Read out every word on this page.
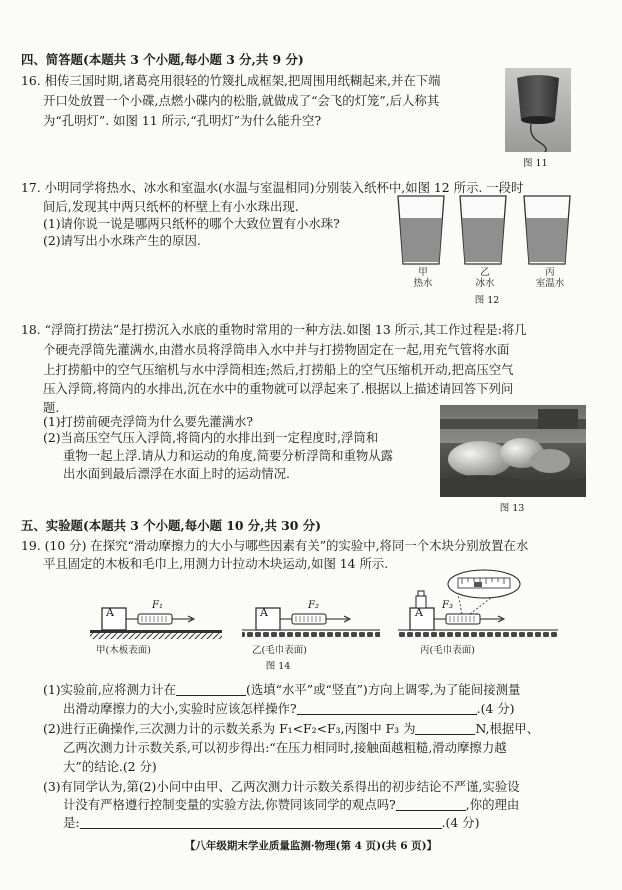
四、简答题(本题共 3 个小题,每小题 3 分,共 9 分)
16. 相传三国时期,诸葛亮用很轻的竹篾扎成框架,把周围用纸糊起来,并在下端
开口处放置一个小碟,点燃小碟内的松脂,就做成了“会飞的灯笼”,后人称其
为“孔明灯”. 如图 11 所示,“孔明灯”为什么能升空?
图 11
17. 小明同学将热水、冰水和室温水(水温与室温相同)分别装入纸杯中,如图 12 所示. 一段时
间后,发现其中两只纸杯的杯壁上有小水珠出现.
(1)请你说一说是哪两只纸杯的哪个大致位置有小水珠?
(2)请写出小水珠产生的原因.
甲
热水
乙
冰水
丙
室温水
图 12
18. “浮筒打捞法”是打捞沉入水底的重物时常用的一种方法.如图 13 所示,其工作过程是:将几
个硬壳浮筒先灌满水,由潜水员将浮筒串入水中并与打捞物固定在一起,用充气管将水面
上打捞船中的空气压缩机与水中浮筒相连;然后,打捞船上的空气压缩机开动,把高压空气
压入浮筒,将筒内的水排出,沉在水中的重物就可以浮起来了.根据以上描述请回答下列问
题.
(1)打捞前硬壳浮筒为什么要先灌满水?
(2)当高压空气压入浮筒,将筒内的水排出到一定程度时,浮筒和
重物一起上浮.请从力和运动的角度,简要分析浮筒和重物从露
出水面到最后漂浮在水面上时的运动情况.
图 13
五、实验题(本题共 3 个小题,每小题 10 分,共 30 分)
19. (10 分) 在探究“滑动摩擦力的大小与哪些因素有关”的实验中,将同一个木块分别放置在水
平且固定的木板和毛巾上,用测力计拉动木块运动,如图 14 所示.
A	A	A
F₁	F₂	F₃
甲(木板表面)	乙(毛巾表面)	丙(毛巾表面)
图 14
(1)实验前,应将测力计在	(选填“水平”或“竖直”)方向上调零,为了能间接测量
出滑动摩擦力的大小,实验时应该怎样操作?	.(4 分)
(2)进行正确操作,三次测力计的示数关系为 F₁<F₂<F₃,丙图中 F₃ 为	N,根据甲、
乙两次测力计示数关系,可以初步得出:“在压力相同时,接触面越粗糙,滑动摩擦力越
大”的结论.(2 分)
(3)有同学认为,第(2)小问中由甲、乙两次测力计示数关系得出的初步结论不严谨,实验设
计没有严格遵行控制变量的实验方法,你赞同该同学的观点吗?	,你的理由
是:	.(4 分)
【八年级期末学业质量监测·物理(第 4 页)(共 6 页)】
